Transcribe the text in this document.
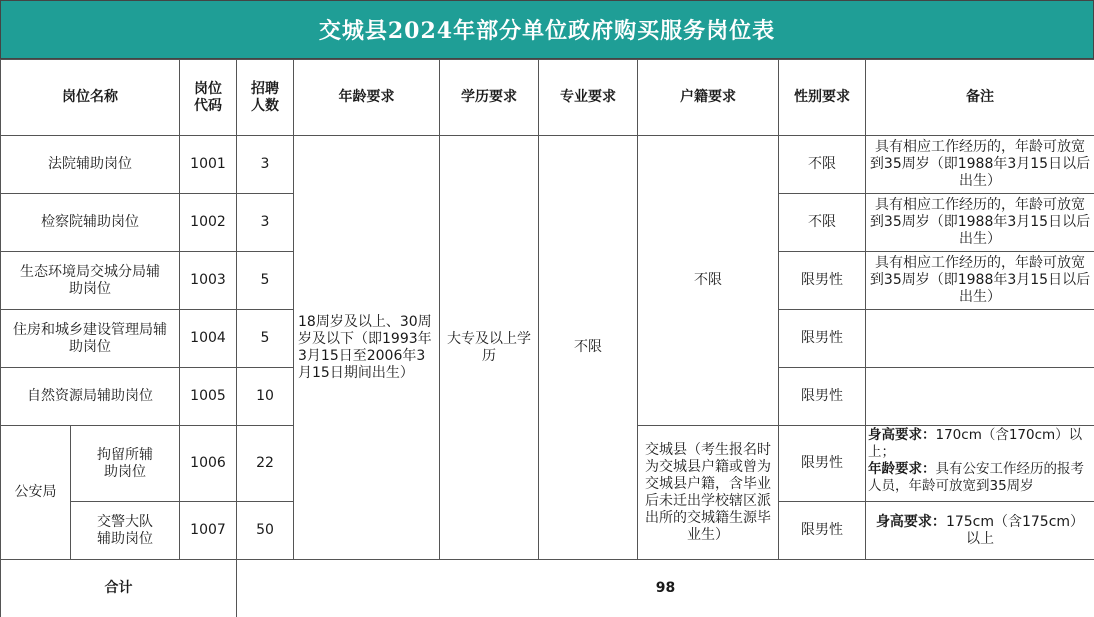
交城县2024年部分单位政府购买服务岗位表
岗位名称		岗位代码	招聘人数	年龄要求	学历要求	专业要求	户籍要求	性别要求	备注
法院辅助岗位		1001	3	18周岁及以上、30周岁及以下（即1993年3月15日至2006年3月15日期间出生）	大专及以上学历	不限	不限	不限	具有相应工作经历的，年龄可放宽到35周岁（即1988年3月15日以后出生）
检察院辅助岗位		1002	3					不限	具有相应工作经历的，年龄可放宽到35周岁（即1988年3月15日以后出生）
生态环境局交城分局辅助岗位		1003	5					限男性	具有相应工作经历的，年龄可放宽到35周岁（即1988年3月15日以后出生）
住房和城乡建设管理局辅助岗位		1004	5					限男性	
自然资源局辅助岗位		1005	10					限男性	
公安局	拘留所辅助岗位	1006	22				交城县（考生报名时为交城县户籍或曾为交城县户籍，含毕业后未迁出学校辖区派出所的交城籍生源毕业生）	限男性	身高要求：170cm（含170cm）以上；
年龄要求：具有公安工作经历的报考人员，年龄可放宽到35周岁

	交警大队辅助岗位	1007	50					限男性	身高要求：175cm（含175cm）以上
合计			98						
